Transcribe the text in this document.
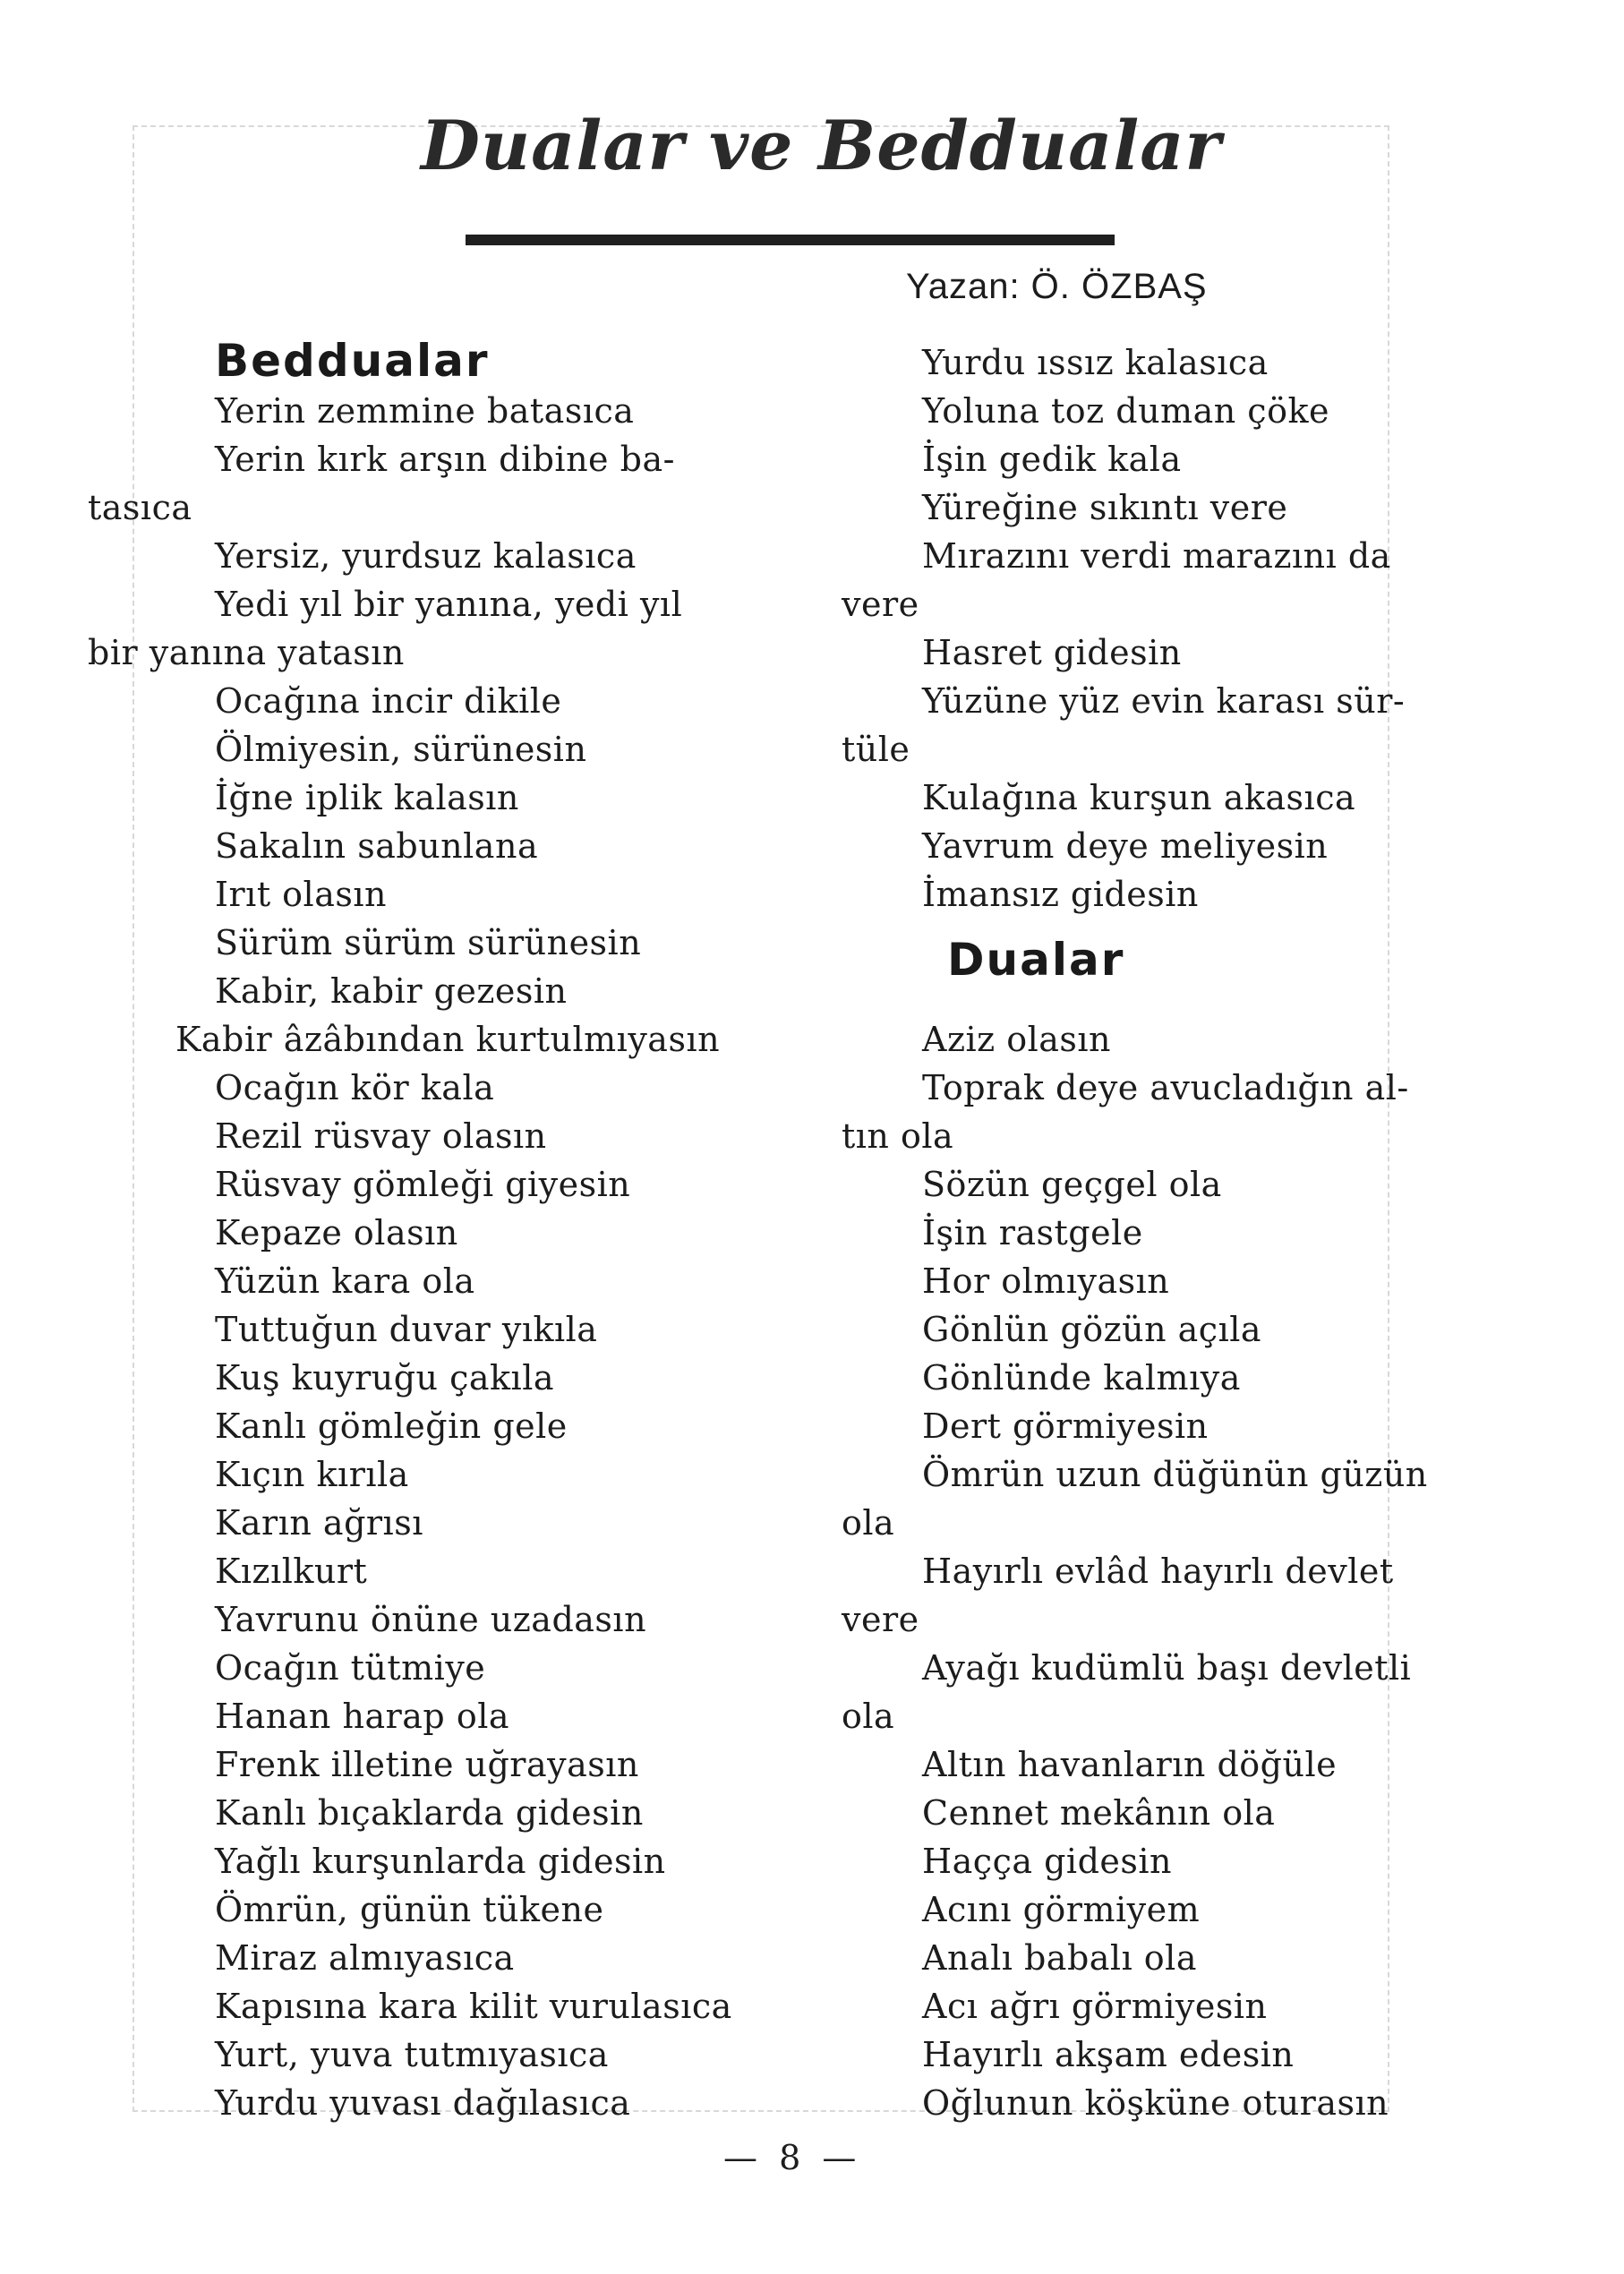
Dualar ve Beddualar

Yazan: Ö. ÖZBAŞ

Beddualar
Dualar
Yerin zemmine batasıca
Yerin kırk arşın dibine ba-
tasıca
Yersiz, yurdsuz kalasıca
Yedi yıl bir yanına, yedi yıl
bir yanına yatasın
Ocağına incir dikile
Ölmiyesin, sürünesin
İğne iplik kalasın
Sakalın sabunlana
Irıt olasın
Sürüm sürüm sürünesin
Kabir, kabir gezesin
Kabir âzâbından kurtulmıyasın
Ocağın kör kala
Rezil rüsvay olasın
Rüsvay gömleği giyesin
Kepaze olasın
Yüzün kara ola
Tuttuğun duvar yıkıla
Kuş kuyruğu çakıla
Kanlı gömleğin gele
Kıçın kırıla
Karın ağrısı
Kızılkurt
Yavrunu önüne uzadasın
Ocağın tütmiye
Hanan harap ola
Frenk illetine uğrayasın
Kanlı bıçaklarda gidesin
Yağlı kurşunlarda gidesin
Ömrün, günün tükene
Miraz almıyasıca
Kapısına kara kilit vurulasıca
Yurt, yuva tutmıyasıca
Yurdu yuvası dağılasıca
Yurdu ıssız kalasıca
Yoluna toz duman çöke
İşin gedik kala
Yüreğine sıkıntı vere
Mırazını verdi marazını da
vere
Hasret gidesin
Yüzüne yüz evin karası sür-
tüle
Kulağına kurşun akasıca
Yavrum deye meliyesin
İmansız gidesin
Aziz olasın
Toprak deye avucladığın al-
tın ola
Sözün geçgel ola
İşin rastgele
Hor olmıyasın
Gönlün gözün açıla
Gönlünde kalmıya
Dert görmiyesin
Ömrün uzun düğünün güzün
ola
Hayırlı evlâd hayırlı devlet
vere
Ayağı kudümlü başı devletli
ola
Altın havanların döğüle
Cennet mekânın ola
Haçça gidesin
Acını görmiyem
Analı babalı ola
Acı ağrı görmiyesin
Hayırlı akşam edesin
Oğlunun köşküne oturasın

— 8 —
